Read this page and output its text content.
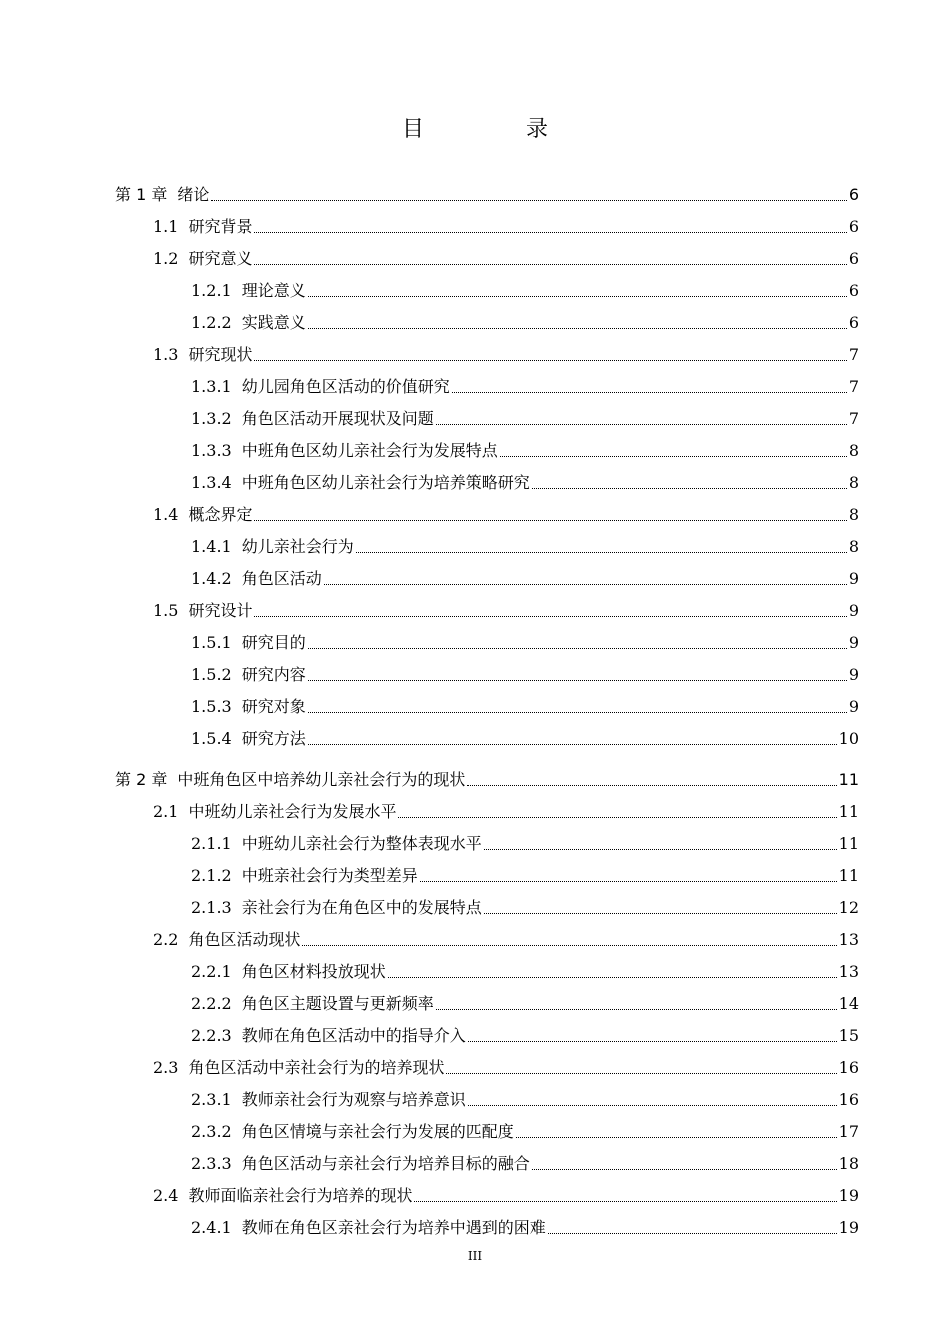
目　录
第 1 章 绪论	6
1.1 研究背景	6
1.2 研究意义	6
1.2.1 理论意义	6
1.2.2 实践意义	6
1.3 研究现状	7
1.3.1 幼儿园角色区活动的价值研究	7
1.3.2 角色区活动开展现状及问题	7
1.3.3 中班角色区幼儿亲社会行为发展特点	8
1.3.4 中班角色区幼儿亲社会行为培养策略研究	8
1.4 概念界定	8
1.4.1 幼儿亲社会行为	8
1.4.2 角色区活动	9
1.5 研究设计	9
1.5.1 研究目的	9
1.5.2 研究内容	9
1.5.3 研究对象	9
1.5.4 研究方法	10
第 2 章 中班角色区中培养幼儿亲社会行为的现状	11
2.1 中班幼儿亲社会行为发展水平	11
2.1.1 中班幼儿亲社会行为整体表现水平	11
2.1.2 中班亲社会行为类型差异	11
2.1.3 亲社会行为在角色区中的发展特点	12
2.2 角色区活动现状	13
2.2.1 角色区材料投放现状	13
2.2.2 角色区主题设置与更新频率	14
2.2.3 教师在角色区活动中的指导介入	15
2.3 角色区活动中亲社会行为的培养现状	16
2.3.1 教师亲社会行为观察与培养意识	16
2.3.2 角色区情境与亲社会行为发展的匹配度	17
2.3.3 角色区活动与亲社会行为培养目标的融合	18
2.4 教师面临亲社会行为培养的现状	19
2.4.1 教师在角色区亲社会行为培养中遇到的困难	19
III
